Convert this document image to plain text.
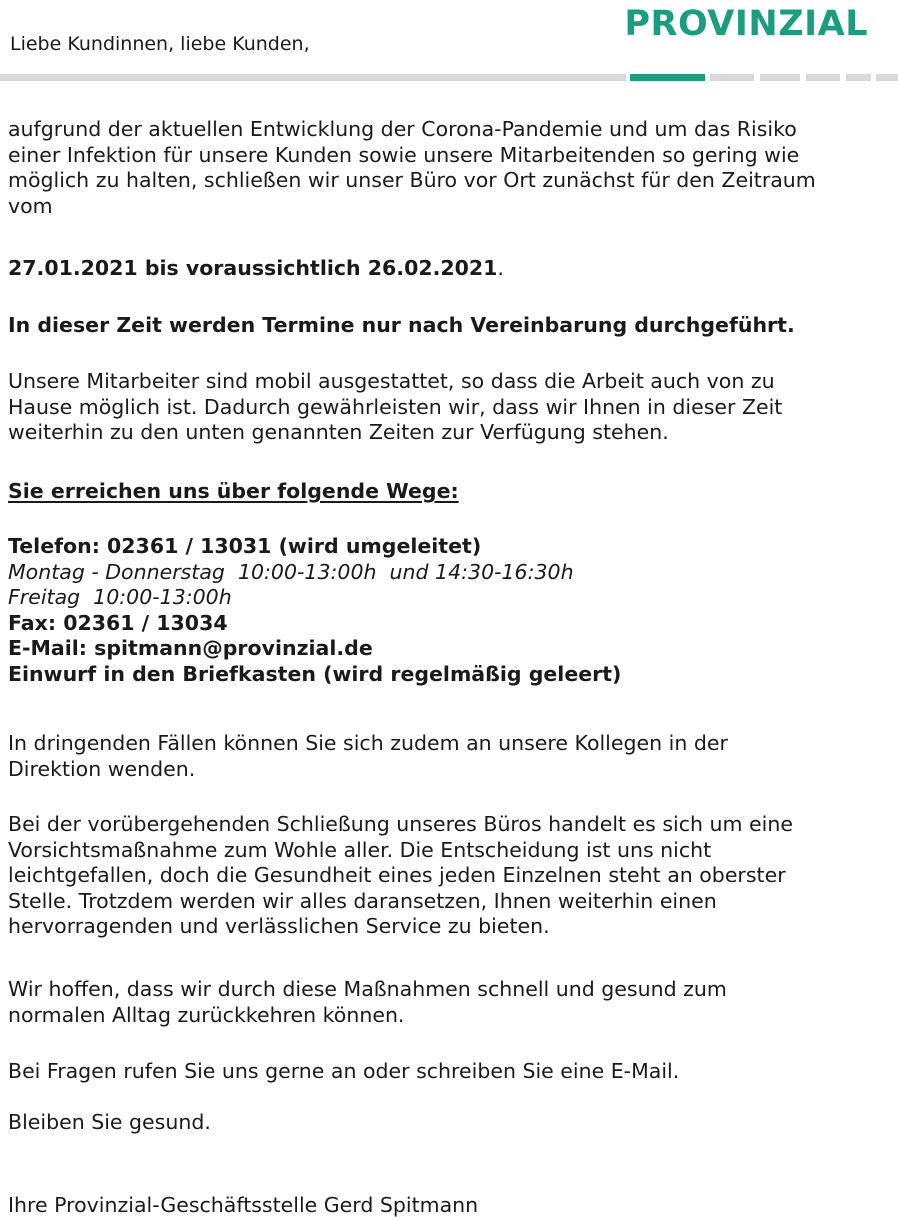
PROVINZIAL
Liebe Kundinnen, liebe Kunden,

aufgrund der aktuellen Entwicklung der Corona-Pandemie und um das Risiko
einer Infektion für unsere Kunden sowie unsere Mitarbeitenden so gering wie
möglich zu halten, schließen wir unser Büro vor Ort zunächst für den Zeitraum
vom

27.01.2021 bis voraussichtlich 26.02.2021.

In dieser Zeit werden Termine nur nach Vereinbarung durchgeführt.

Unsere Mitarbeiter sind mobil ausgestattet, so dass die Arbeit auch von zu
Hause möglich ist. Dadurch gewährleisten wir, dass wir Ihnen in dieser Zeit
weiterhin zu den unten genannten Zeiten zur Verfügung stehen.

Sie erreichen uns über folgende Wege:

Telefon: 02361 / 13031 (wird umgeleitet)
Montag - Donnerstag  10:00-13:00h  und 14:30-16:30h
Freitag  10:00-13:00h
Fax: 02361 / 13034
E-Mail: spitmann@provinzial.de
Einwurf in den Briefkasten (wird regelmäßig geleert)

In dringenden Fällen können Sie sich zudem an unsere Kollegen in der
Direktion wenden.

Bei der vorübergehenden Schließung unseres Büros handelt es sich um eine
Vorsichtsmaßnahme zum Wohle aller. Die Entscheidung ist uns nicht
leichtgefallen, doch die Gesundheit eines jeden Einzelnen steht an oberster
Stelle. Trotzdem werden wir alles daransetzen, Ihnen weiterhin einen
hervorragenden und verlässlichen Service zu bieten.

Wir hoffen, dass wir durch diese Maßnahmen schnell und gesund zum
normalen Alltag zurückkehren können.

Bei Fragen rufen Sie uns gerne an oder schreiben Sie eine E-Mail.

Bleiben Sie gesund.

Ihre Provinzial-Geschäftsstelle Gerd Spitmann
